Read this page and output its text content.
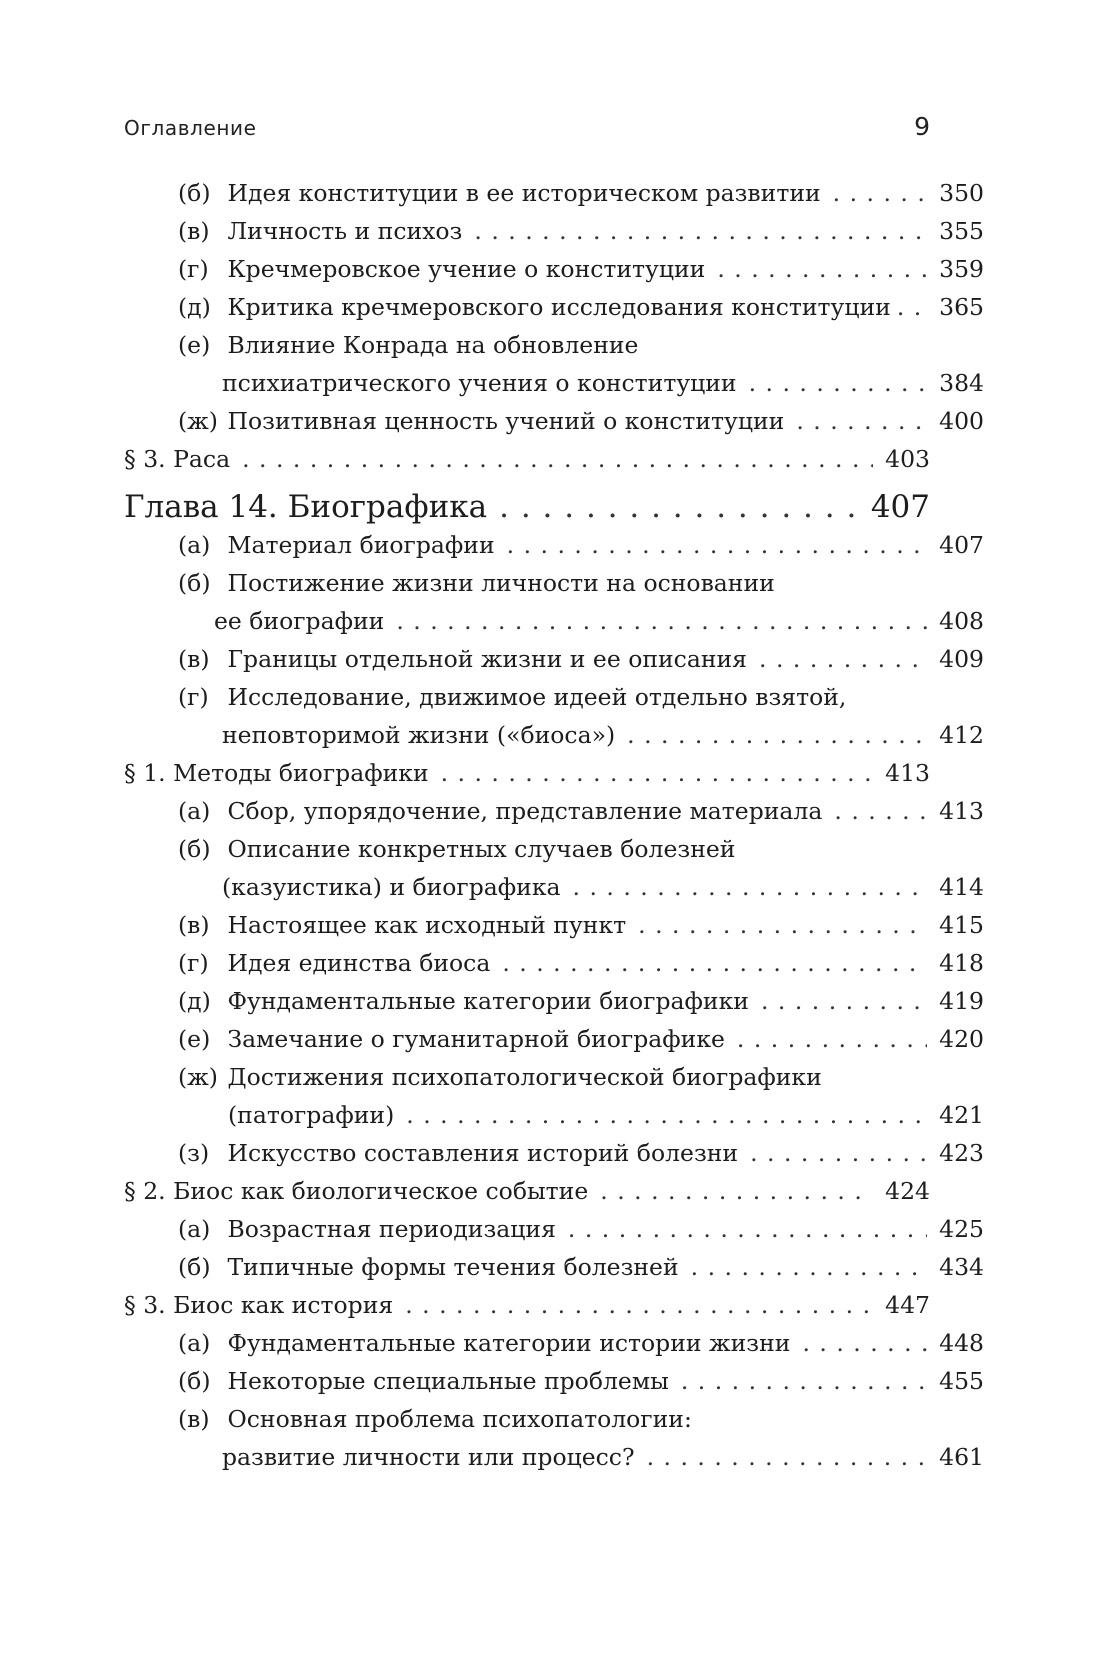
Оглавление	9
(б) Идея конституции в ее историческом развитии . . .	350
(в) Личность и психоз . . .	355
(г) Кречмеровское учение о конституции . . .	359
(д) Критика кречмеровского исследования конституции . . . 365
(е) Влияние Конрада на обновление
психиатрического учения о конституции . . .	384
(ж) Позитивная ценность учений о конституции . . .	400
§ 3. Раса . . .	403
Глава 14. Биографика . . .	407
(а) Материал биографии . . .	407
(б) Постижение жизни личности на основании
ее биографии . . .	408
(в) Границы отдельной жизни и ее описания . . .	409
(г) Исследование, движимое идеей отдельно взятой,
неповторимой жизни («биоса») . . .	412
§ 1. Методы биографики . . .	413
(а) Сбор, упорядочение, представление материала . . .	413
(б) Описание конкретных случаев болезней
(казуистика) и биографика . . .	414
(в) Настоящее как исходный пункт . . .	415
(г) Идея единства биоса . . .	418
(д) Фундаментальные категории биографики . . .	419
(е) Замечание о гуманитарной биографике . . .	420
(ж) Достижения психопатологической биографики
(патографии) . . .	421
(з) Искусство составления историй болезни . . .	423
§ 2. Биос как биологическое событие . . .	424
(а) Возрастная периодизация . . .	425
(б) Типичные формы течения болезней . . .	434
§ 3. Биос как история . . .	447
(а) Фундаментальные категории истории жизни . . .	448
(б) Некоторые специальные проблемы . . .	455
(в) Основная проблема психопатологии:
развитие личности или процесс? . . .	461
